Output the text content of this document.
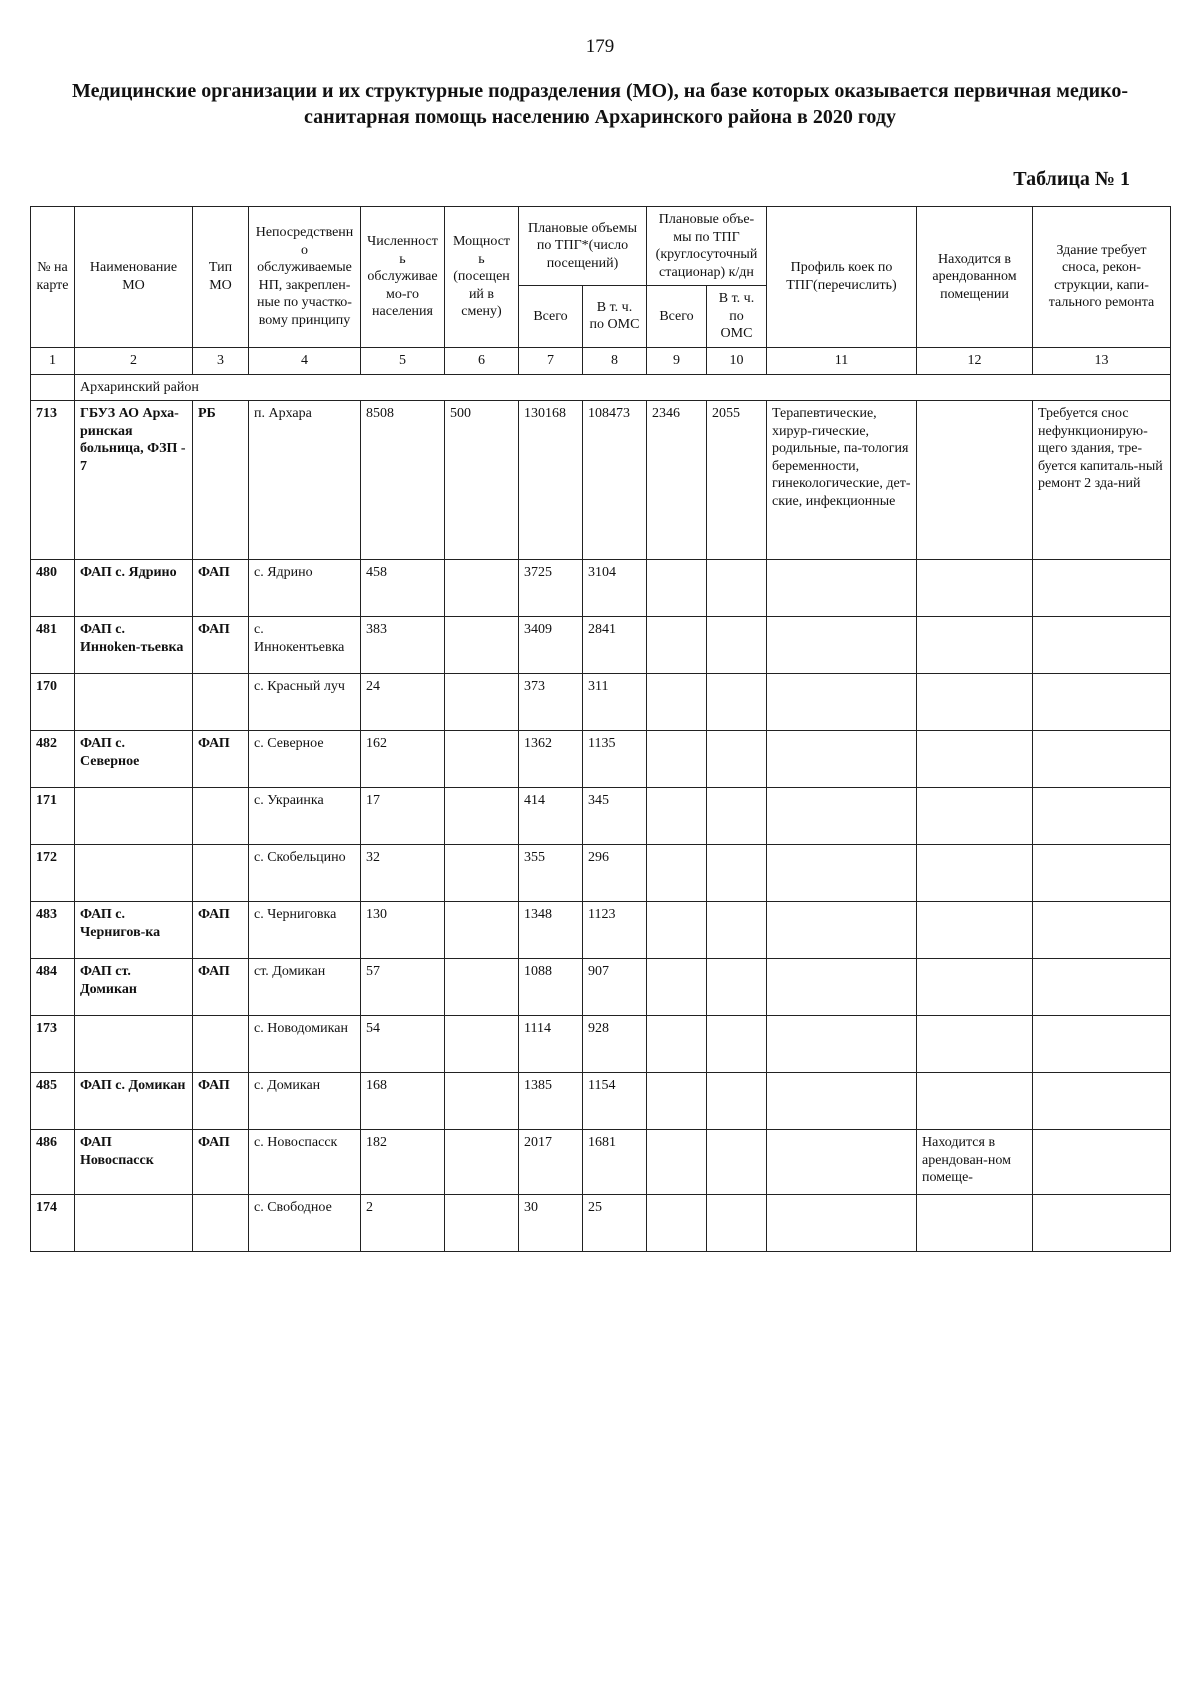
179
Медицинские организации и их структурные подразделения (МО), на базе которых оказывается первичная медико-санитарная помощь населению Архаринского района в 2020 году
Таблица № 1
№ на карте	Наименование МО	Тип МО	Непосредственно обслуживаемые НП, закреплен-ные по участко-вому принципу	Численность обслуживаемо-го населения	Мощность (посещений в смену)	Плановые объемы по ТПГ*(число посещений)		Плановые объе-мы по ТПГ (круглосуточный стационар) к/дн		Профиль коек по ТПГ(перечислить)	Находится в арендованном помещении	Здание требует сноса, рекон-струкции, капи-тального ремонта
						Всего	В т. ч. по ОМС	Всего	В т. ч. по ОМС			
1	2	3	4	5	6	7	8	9	10	11	12	13
	Архаринский район											
713	ГБУЗ АО Арха-ринская больница, ФЗП - 7	РБ	п. Архара	8508	500	130168	108473	2346	2055	Терапевтические, хирур-гические, родильные, па-тология беременности, гинекологические, дет-ские, инфекционные		Требуется снос нефункционирую-щего здания, тре-буется капиталь-ный ремонт 2 зда-ний
480	ФАП с. Ядрино	ФАП	с. Ядрино	458		3725	3104					
481	ФАП с. Инноken-тьевка	ФАП	с. Иннокентьевка	383		3409	2841					
170			с. Красный луч	24		373	311					
482	ФАП с. Северное	ФАП	с. Северное	162		1362	1135					
171			с. Украинка	17		414	345					
172			с. Скобельцино	32		355	296					
483	ФАП с. Чернигов-ка	ФАП	с. Черниговка	130		1348	1123					
484	ФАП ст. Домикан	ФАП	ст. Домикан	57		1088	907					
173			с. Новодомикан	54		1114	928					
485	ФАП с. Домикан	ФАП	с. Домикан	168		1385	1154					
486	ФАП Новоспасск	ФАП	с. Новоспасск	182		2017	1681				Находится в арендован-ном помеще-	
174			с. Свободное	2		30	25					
